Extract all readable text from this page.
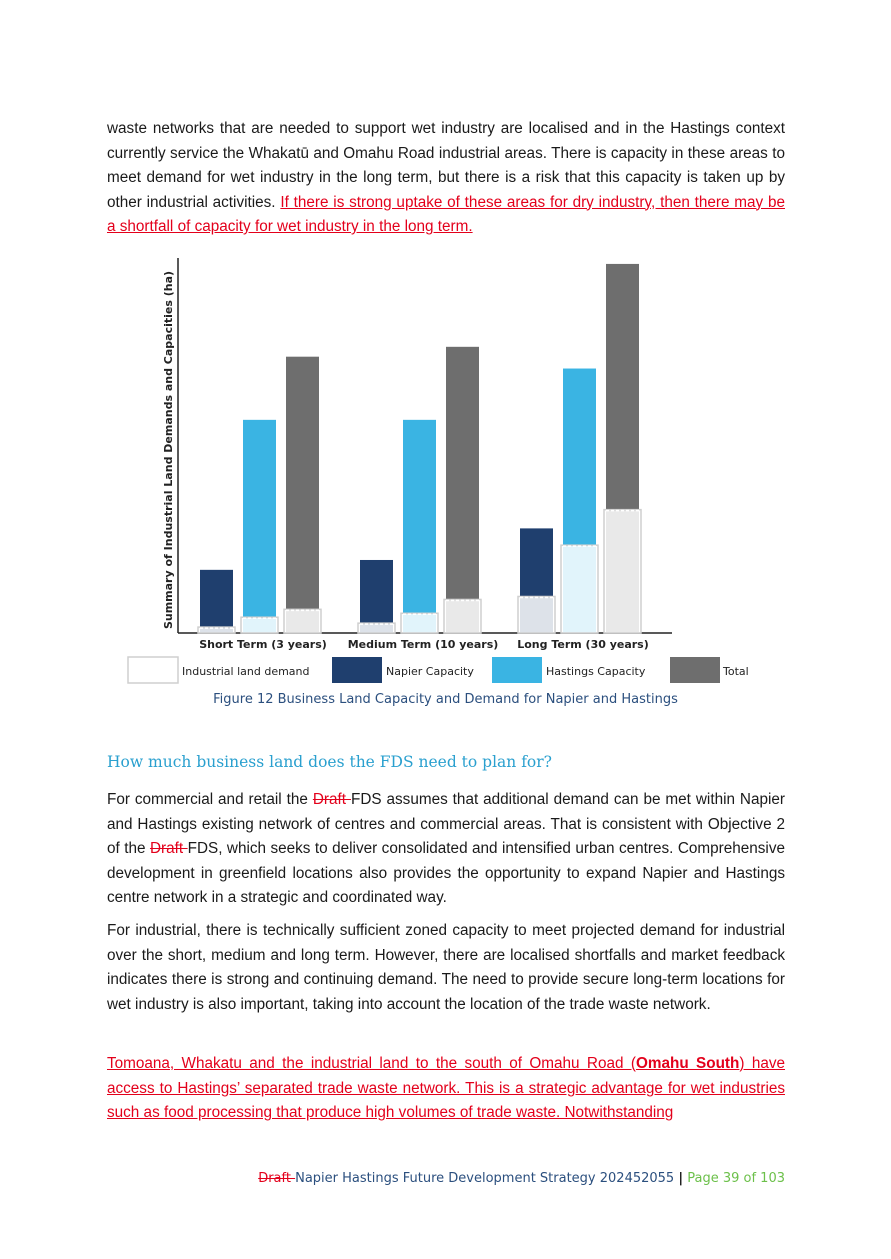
waste networks that are needed to support wet industry are localised and in the Hastings context currently service the Whakatū and Omahu Road industrial areas. There is capacity in these areas to meet demand for wet industry in the long term, but there is a risk that this capacity is taken up by other industrial activities. If there is strong uptake of these areas for dry industry, then there may be a shortfall of capacity for wet industry in the long term.

Summary of Industrial Land Demands and Capacities (ha)
Short Term (3 years) Medium Term (10 years) Long Term (30 years)
Industrial land demand	Napier Capacity	Hastings Capacity	Total
Figure 12 Business Land Capacity and Demand for Napier and Hastings
How much business land does the FDS need to plan for?

For commercial and retail the Draft FDS assumes that additional demand can be met within Napier and Hastings existing network of centres and commercial areas. That is consistent with Objective 2 of the Draft FDS, which seeks to deliver consolidated and intensified urban centres. Comprehensive development in greenfield locations also provides the opportunity to expand Napier and Hastings centre network in a strategic and coordinated way.

For industrial, there is technically sufficient zoned capacity to meet projected demand for industrial over the short, medium and long term. However, there are localised shortfalls and market feedback indicates there is strong and continuing demand. The need to provide secure long-term locations for wet industry is also important, taking into account the location of the trade waste network.

Tomoana, Whakatu and the industrial land to the south of Omahu Road (Omahu South) have access to Hastings’ separated trade waste network. This is a strategic advantage for wet industries such as food processing that produce high volumes of trade waste. Notwithstanding

Draft Napier Hastings Future Development Strategy 202452055 | Page 39 of 103
